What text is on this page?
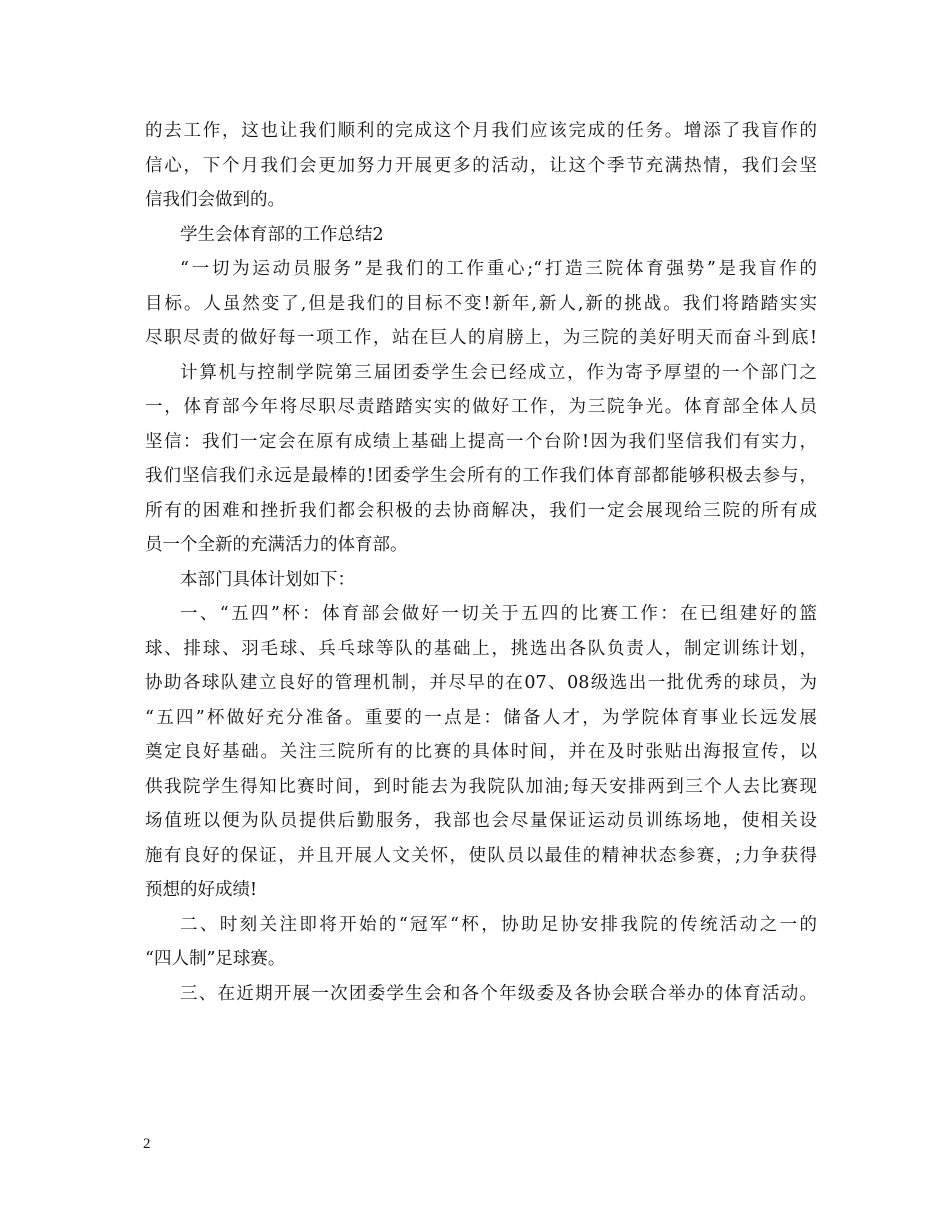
的去工作，这也让我们顺利的完成这个月我们应该完成的任务。增添了我盲作的
信心，下个月我们会更加努力开展更多的活动，让这个季节充满热情，我们会坚
信我们会做到的。
学生会体育部的工作总结2
“一切为运动员服务”是我们的工作重心;“打造三院体育强势”是我盲作的
目标。人虽然变了,但是我们的目标不变!新年,新人,新的挑战。我们将踏踏实实
尽职尽责的做好每一项工作，站在巨人的肩膀上，为三院的美好明天而奋斗到底!
计算机与控制学院第三届团委学生会已经成立，作为寄予厚望的一个部门之
一，体育部今年将尽职尽责踏踏实实的做好工作，为三院争光。体育部全体人员
坚信：我们一定会在原有成绩上基础上提高一个台阶!因为我们坚信我们有实力，
我们坚信我们永远是最棒的!团委学生会所有的工作我们体育部都能够积极去参与，
所有的困难和挫折我们都会积极的去协商解决，我们一定会展现给三院的所有成
员一个全新的充满活力的体育部。
本部门具体计划如下：
一、“五四”杯：体育部会做好一切关于五四的比赛工作：在已组建好的篮
球、排球、羽毛球、兵乓球等队的基础上，挑选出各队负责人，制定训练计划，
协助各球队建立良好的管理机制，并尽早的在07、08级选出一批优秀的球员，为
“五四”杯做好充分准备。重要的一点是：储备人才，为学院体育事业长远发展
奠定良好基础。关注三院所有的比赛的具体时间，并在及时张贴出海报宣传，以
供我院学生得知比赛时间，到时能去为我院队加油;每天安排两到三个人去比赛现
场值班以便为队员提供后勤服务，我部也会尽量保证运动员训练场地，使相关设
施有良好的保证，并且开展人文关怀，使队员以最佳的精神状态参赛，;力争获得
预想的好成绩!
二、时刻关注即将开始的“冠军“杯，协助足协安排我院的传统活动之一的
“四人制”足球赛。
三、在近期开展一次团委学生会和各个年级委及各协会联合举办的体育活动。
2
